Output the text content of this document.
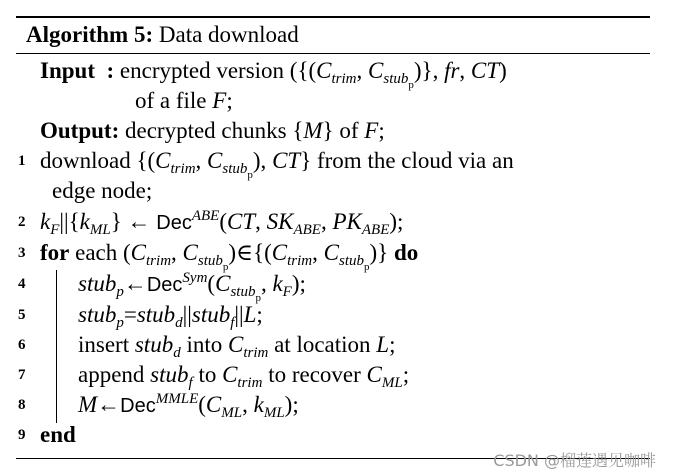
Algorithm 5: Data download
Input : encrypted version ({($C_{trim}$, $C_{stub_p}$)}, fr, CT)
of a file F;
Output: decrypted chunks {M} of F;
1 download {($C_{trim}$, $C_{stub_p}$), CT} from the cloud via an
edge node;
2 $k_F||\{k_{ML}\}$ ← Dec$^{ABE}$(CT, $SK_{ABE}$, $PK_{ABE}$);
3 for each ($C_{trim}$, $C_{stub_p})\in\{(C_{trim}$, $C_{stub_p}$)} do
4 $stub_p\leftarrow Dec^{Sym}(C_{stub_p}$, $k_F$);
5 stub$_p$=stub$_d$||stub$_f$||L;
6 insert stub$_d$ into $C_{trim}$ at location L;
7 append stub$_f$ to $C_{trim}$ to recover $C_{ML}$;
8 $M\leftarrow Dec^{MMLE}(C_{ML}$, $k_{ML}$);
9 end
CSDN @榴莲遇见咖啡
